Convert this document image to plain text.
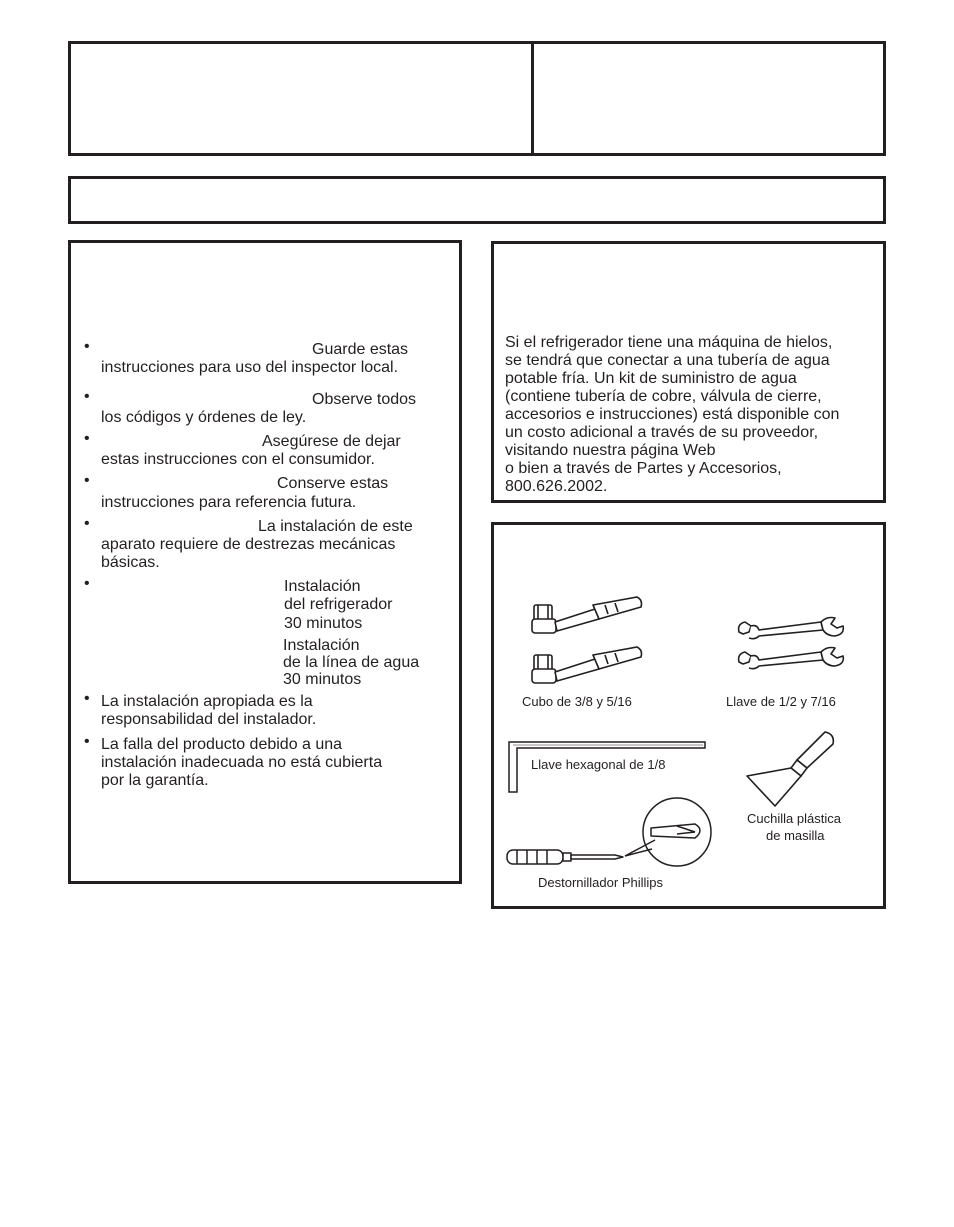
•	Guarde estas
instrucciones para uso del inspector local.
•	Observe todos
los códigos y órdenes de ley.
•	Asegúrese de dejar
estas instrucciones con el consumidor.
•	Conserve estas
instrucciones para referencia futura.
•	La instalación de este
aparato requiere de destrezas mecánicas
básicas.
•	Instalación
del refrigerador
30 minutos
Instalación
de la línea de agua
30 minutos
• La instalación apropiada es la
responsabilidad del instalador.
• La falla del producto debido a una
instalación inadecuada no está cubierta
por la garantía.
Si el refrigerador tiene una máquina de hielos,
se tendrá que conectar a una tubería de agua
potable fría. Un kit de suministro de agua
(contiene tubería de cobre, válvula de cierre,
accesorios e instrucciones) está disponible con
un costo adicional a través de su proveedor,
visitando nuestra página Web
o bien a través de Partes y Accesorios,
800.626.2002.
Cubo de 3/8 y 5/16	Llave de 1/2 y 7/16
Llave hexagonal de 1/8
Cuchilla plástica
de masilla
Destornillador Phillips
